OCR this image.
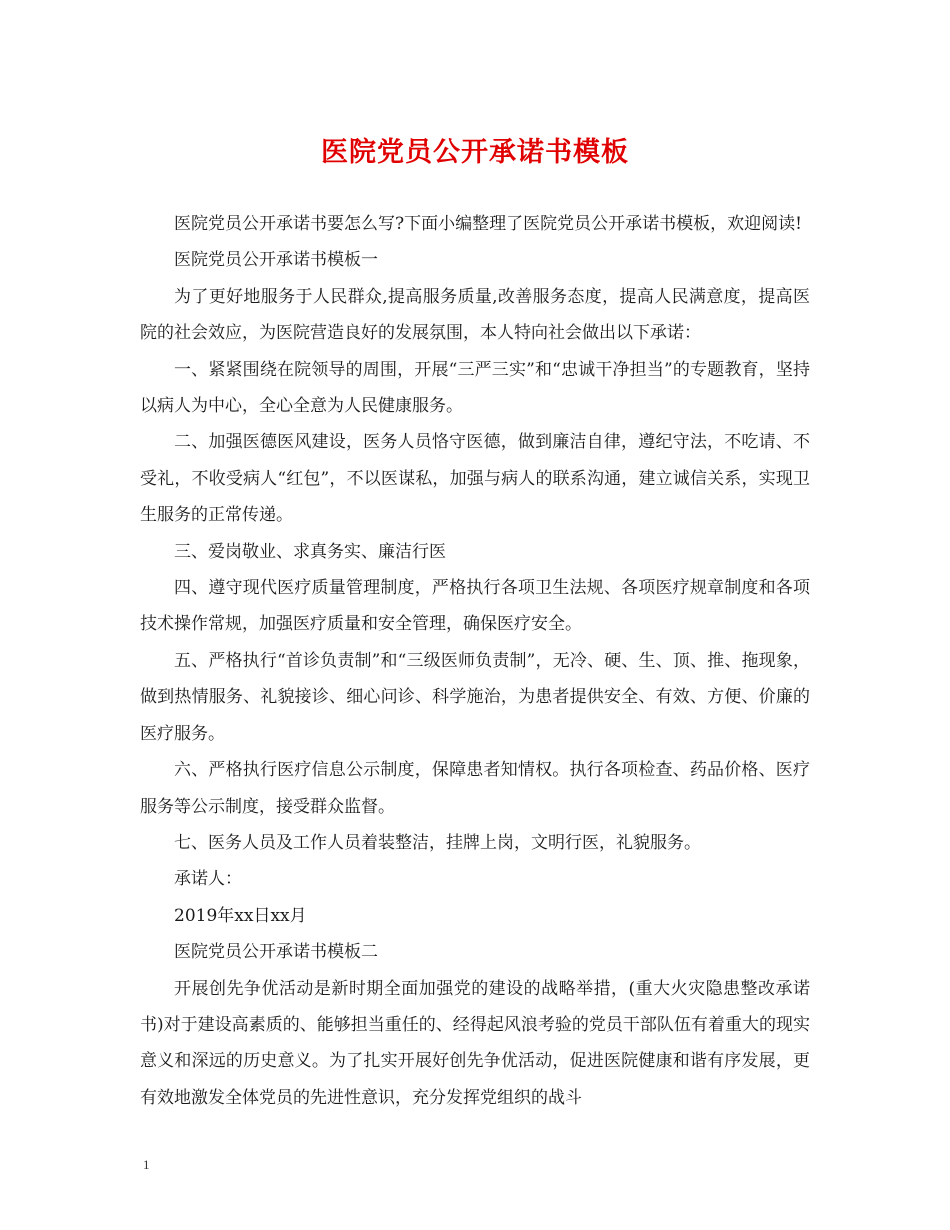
医院党员公开承诺书模板

医院党员公开承诺书要怎么写?下面小编整理了医院党员公开承诺书模板，欢迎阅读!

医院党员公开承诺书模板一

为了更好地服务于人民群众,提高服务质量,改善服务态度，提高人民满意度，提高医院的社会效应，为医院营造良好的发展氛围，本人特向社会做出以下承诺：

一、紧紧围绕在院领导的周围，开展“三严三实”和“忠诚干净担当”的专题教育，坚持以病人为中心，全心全意为人民健康服务。

二、加强医德医风建设，医务人员恪守医德，做到廉洁自律，遵纪守法，不吃请、不受礼，不收受病人“红包”，不以医谋私，加强与病人的联系沟通，建立诚信关系，实现卫生服务的正常传递。

三、爱岗敬业、求真务实、廉洁行医

四、遵守现代医疗质量管理制度，严格执行各项卫生法规、各项医疗规章制度和各项技术操作常规，加强医疗质量和安全管理，确保医疗安全。

五、严格执行“首诊负责制”和“三级医师负责制”，无冷、硬、生、顶、推、拖现象，做到热情服务、礼貌接诊、细心问诊、科学施治，为患者提供安全、有效、方便、价廉的医疗服务。

六、严格执行医疗信息公示制度，保障患者知情权。执行各项检查、药品价格、医疗服务等公示制度，接受群众监督。

七、医务人员及工作人员着装整洁，挂牌上岗，文明行医，礼貌服务。

承诺人：

2019年xx日xx月

医院党员公开承诺书模板二

开展创先争优活动是新时期全面加强党的建设的战略举措，(重大火灾隐患整改承诺书)对于建设高素质的、能够担当重任的、经得起风浪考验的党员干部队伍有着重大的现实意义和深远的历史意义。为了扎实开展好创先争优活动，促进医院健康和谐有序发展，更有效地激发全体党员的先进性意识，充分发挥党组织的战斗

1
